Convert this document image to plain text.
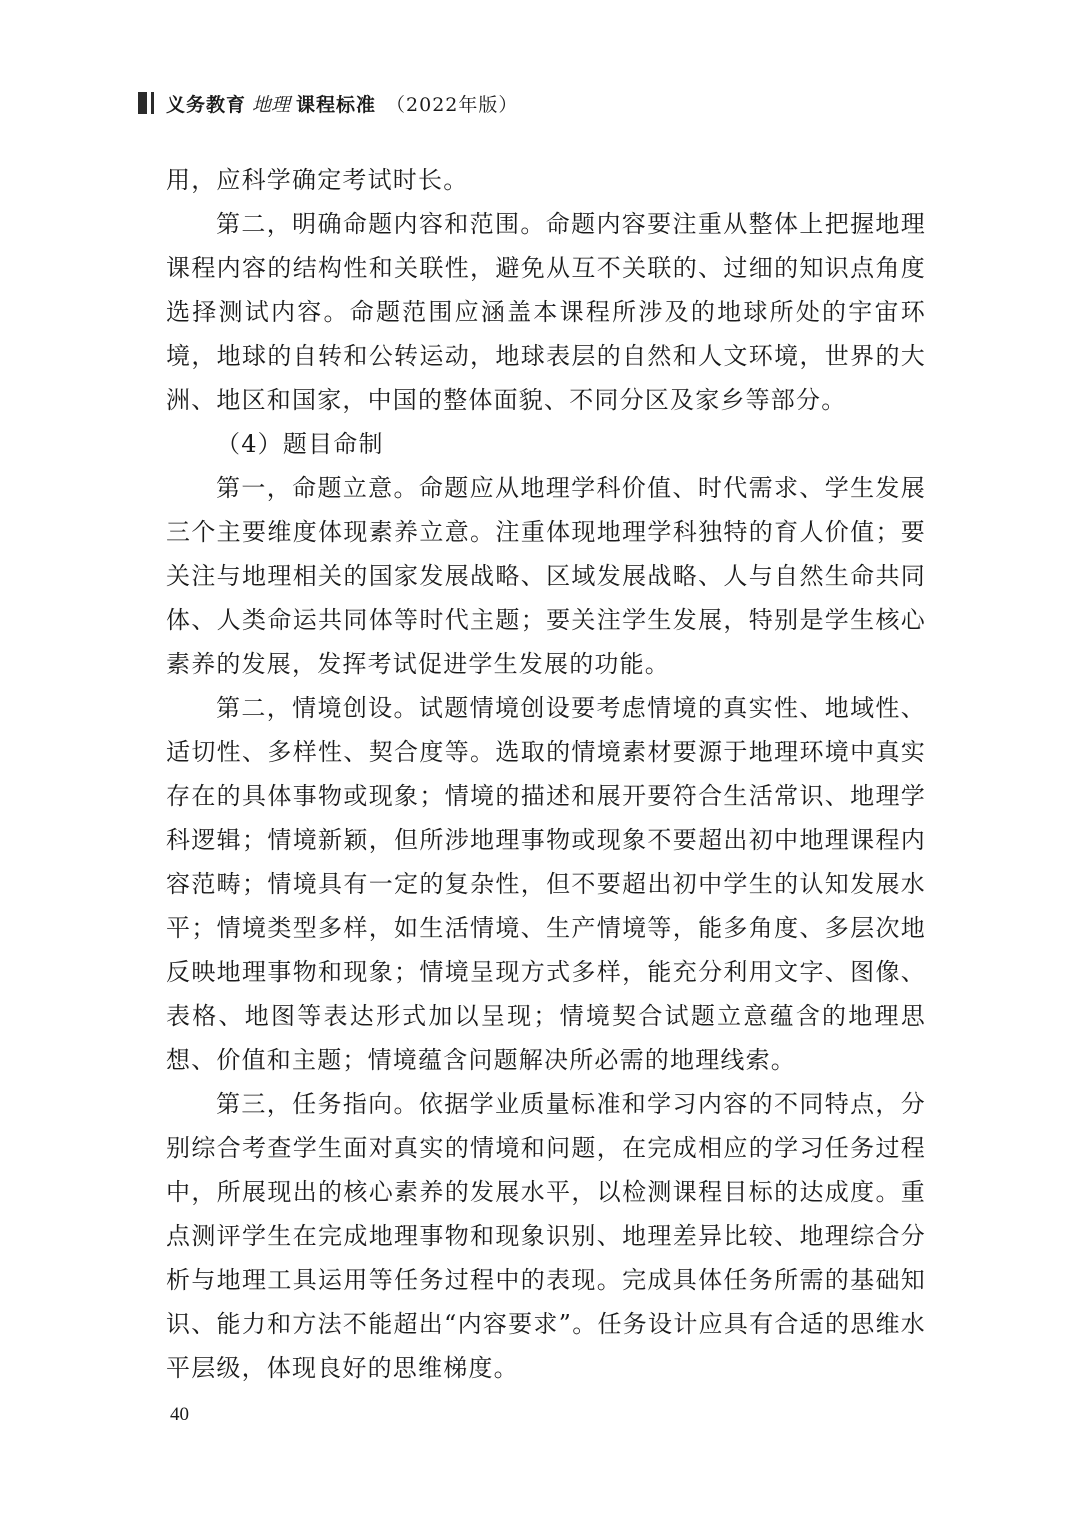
义务教育 地理 课程标准 （2022年版）

用，应科学确定考试时长。

第二，明确命题内容和范围。命题内容要注重从整体上把握地理课程内容的结构性和关联性，避免从互不关联的、过细的知识点角度选择测试内容。命题范围应涵盖本课程所涉及的地球所处的宇宙环境，地球的自转和公转运动，地球表层的自然和人文环境，世界的大洲、地区和国家，中国的整体面貌、不同分区及家乡等部分。

（4）题目命制

第一，命题立意。命题应从地理学科价值、时代需求、学生发展三个主要维度体现素养立意。注重体现地理学科独特的育人价值；要关注与地理相关的国家发展战略、区域发展战略、人与自然生命共同体、人类命运共同体等时代主题；要关注学生发展，特别是学生核心素养的发展，发挥考试促进学生发展的功能。

第二，情境创设。试题情境创设要考虑情境的真实性、地域性、适切性、多样性、契合度等。选取的情境素材要源于地理环境中真实存在的具体事物或现象；情境的描述和展开要符合生活常识、地理学科逻辑；情境新颖，但所涉地理事物或现象不要超出初中地理课程内容范畴；情境具有一定的复杂性，但不要超出初中学生的认知发展水平；情境类型多样，如生活情境、生产情境等，能多角度、多层次地反映地理事物和现象；情境呈现方式多样，能充分利用文字、图像、表格、地图等表达形式加以呈现；情境契合试题立意蕴含的地理思想、价值和主题；情境蕴含问题解决所必需的地理线索。

第三，任务指向。依据学业质量标准和学习内容的不同特点，分别综合考查学生面对真实的情境和问题，在完成相应的学习任务过程中，所展现出的核心素养的发展水平，以检测课程目标的达成度。重点测评学生在完成地理事物和现象识别、地理差异比较、地理综合分析与地理工具运用等任务过程中的表现。完成具体任务所需的基础知识、能力和方法不能超出“内容要求”。任务设计应具有合适的思维水平层级，体现良好的思维梯度。

40
